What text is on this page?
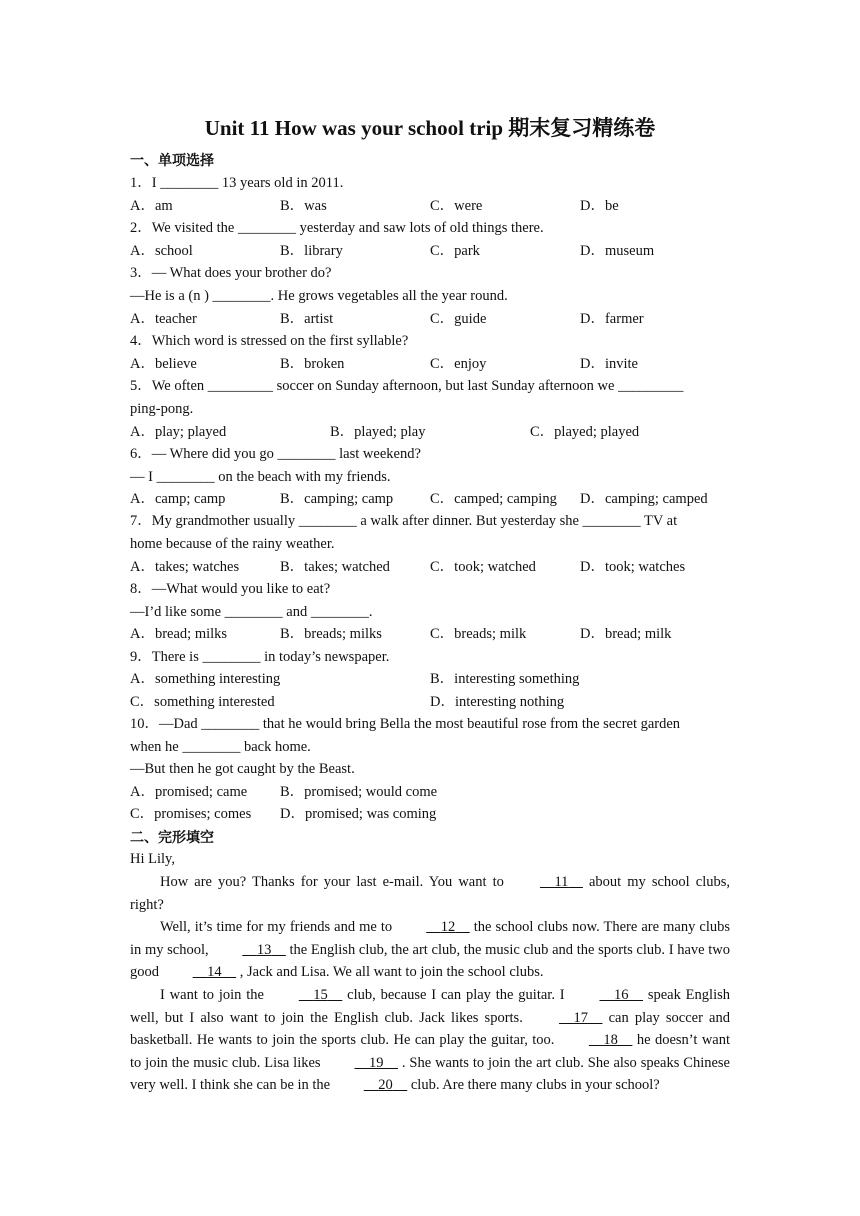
Unit 11 How was your school trip 期末复习精练卷
一、单项选择
1．I ________ 13 years old in 2011.
A．am	B．was	C．were	D．be
2．We visited the ________ yesterday and saw lots of old things there.
A．school	B．library	C．park	D．museum
3．— What does your brother do?
—He is a (n ) ________. He grows vegetables all the year round.
A．teacher	B．artist	C．guide	D．farmer
4．Which word is stressed on the first syllable?
A．believe	B．broken	C．enjoy	D．invite
5．We often _________ soccer on Sunday afternoon, but last Sunday afternoon we _________
ping-pong.
A．play; played	B．played; play	C．played; played
6．— Where did you go ________ last weekend?
— I ________ on the beach with my friends.
A．camp; camp	B．camping; camp	C．camped; camping D．camping; camped
7．My grandmother usually ________ a walk after dinner. But yesterday she ________ TV at
home because of the rainy weather.
A．takes; watches	B．takes; watched	C．took; watched	D．took; watches
8．—What would you like to eat?
—I’d like some ________ and ________.
A．bread; milks	B．breads; milks	C．breads; milk	D．bread; milk
9．There is ________ in today’s newspaper.
A．something interesting	B．interesting something
C．something interested	D．interesting nothing
10．—Dad ________ that he would bring Bella the most beautiful rose from the secret garden
when he ________ back home.
—But then he got caught by the Beast.
A．promised; came B．promised; would come
C．promises; comes D．promised; was coming
二、完形填空
Hi Lily,
How are you? Thanks for your last e-mail. You want to	11     about my school clubs, right?
Well, it’s time for my friends and me to	12     the school clubs now. There are many clubs in my school,	13     the English club, the art club, the music club and the sports club. I have two good	14     , Jack and Lisa. We all want to join the school clubs.
I want to join the	15     club, because I can play the guitar. I	16     speak English well, but I also want to join the English club. Jack likes sports.	17     can play soccer and basketball. He wants to join the sports club. He can play the guitar, too.	18     he doesn’t want to join the music club. Lisa likes	19     . She wants to join the art club. She also speaks Chinese very well. I think she can be in the	20     club. Are there many clubs in your school?
